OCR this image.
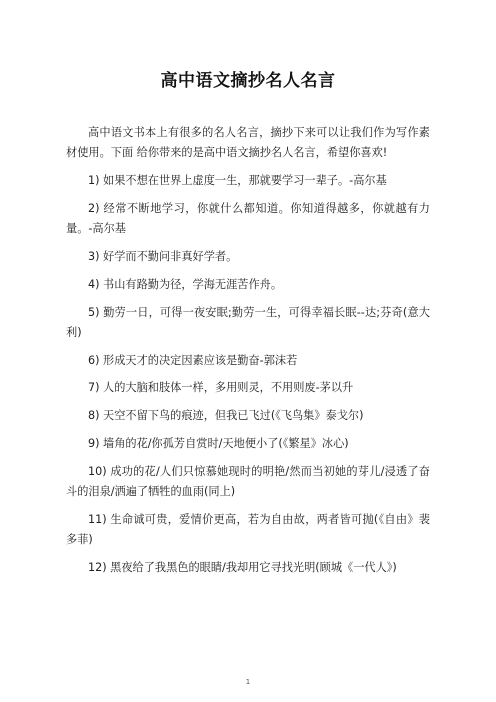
高中语文摘抄名人名言

高中语文书本上有很多的名人名言，摘抄下来可以让我们作为写作素材使用。下面 给你带来的是高中语文摘抄名人名言，希望你喜欢!

1) 如果不想在世界上虚度一生，那就要学习一辈子。-高尔基

2) 经常不断地学习，你就什么都知道。你知道得越多，你就越有力量。-高尔基

3) 好学而不勤问非真好学者。

4) 书山有路勤为径，学海无涯苦作舟。

5) 勤劳一日，可得一夜安眠;勤劳一生，可得幸福长眠--达;芬奇(意大利)

6) 形成天才的决定因素应该是勤奋-郭沫若

7) 人的大脑和肢体一样，多用则灵，不用则废-茅以升

8) 天空不留下鸟的痕迹，但我已飞过(《飞鸟集》泰戈尔)

9) 墙角的花/你孤芳自赏时/天地便小了(《繁星》冰心)

10) 成功的花/人们只惊慕她现时的明艳/然而当初她的芽儿/浸透了奋斗的泪泉/洒遍了牺牲的血雨(同上)

11) 生命诚可贵，爱情价更高，若为自由故，两者皆可抛(《自由》裴多菲)

12) 黑夜给了我黑色的眼睛/我却用它寻找光明(顾城《一代人》)

1
